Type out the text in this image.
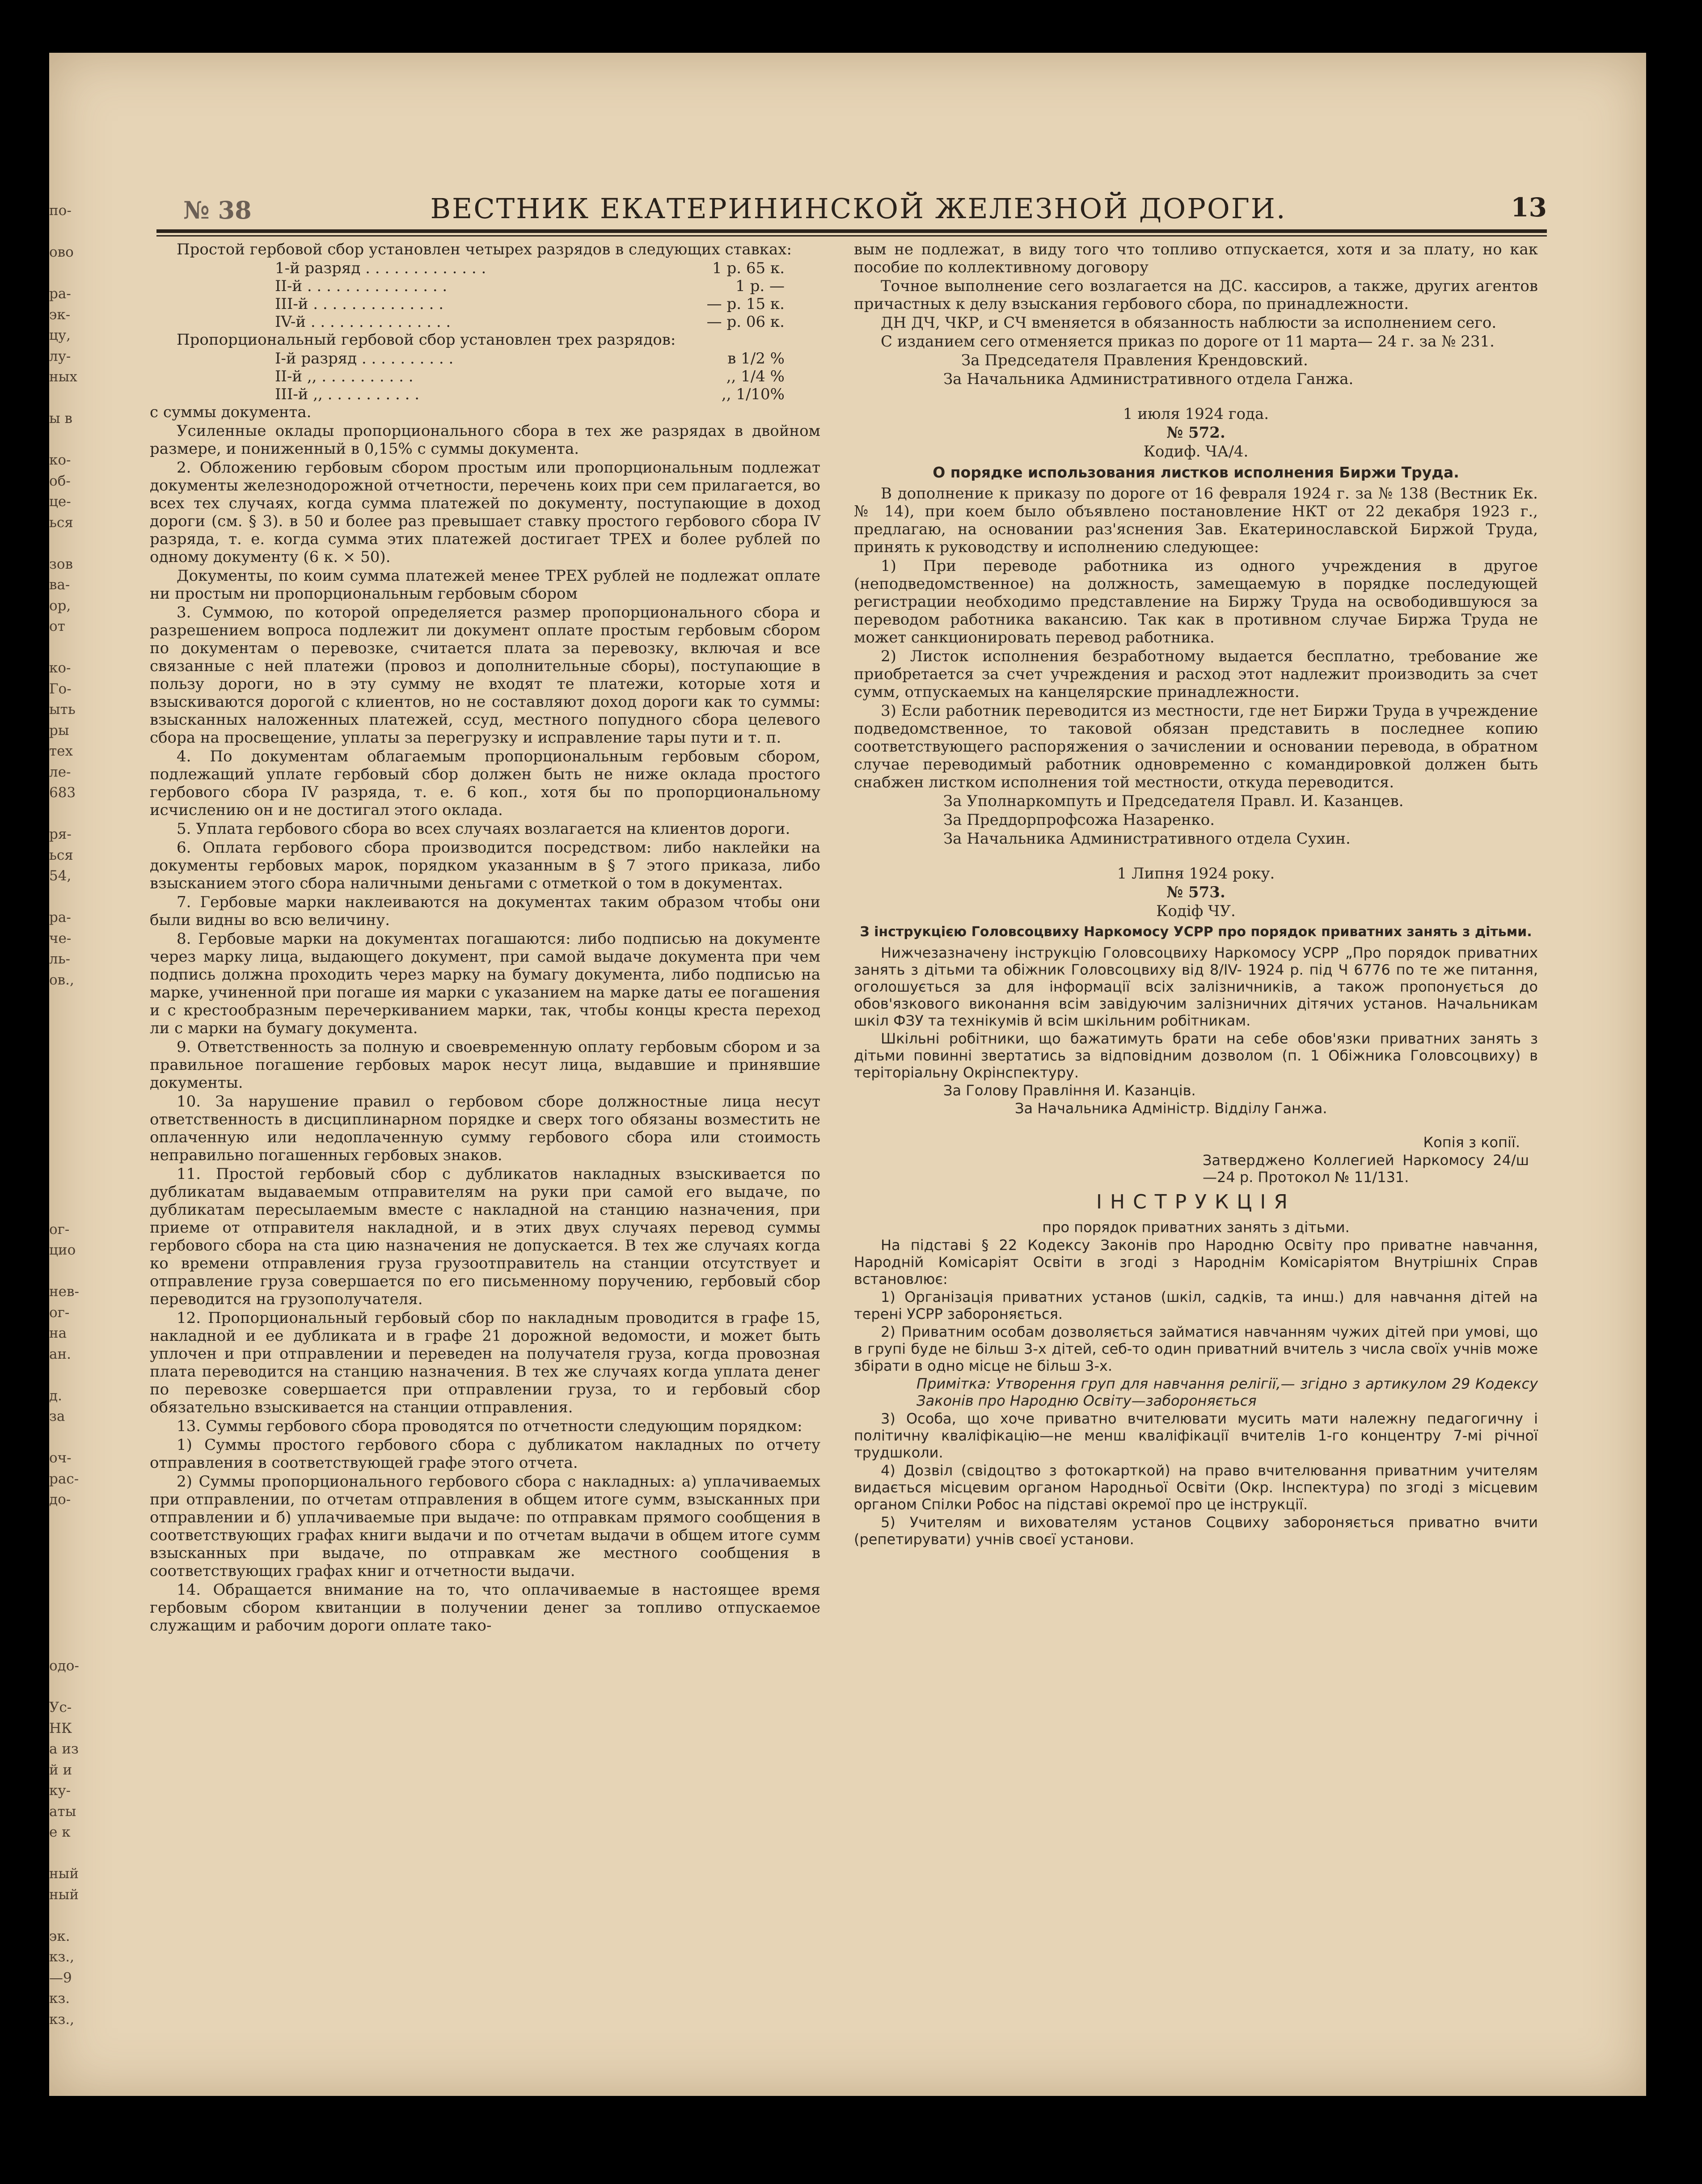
по-
ово
ра-
эк-
цу,
лу-
ных
ы в
ко-
об-
це-
ься
зов
ва-
ор,
от
ко-
Го-
ыть
ры
тех
ле-
683
ря-
ься
54,
ра-
че-
ль-
ов.,
ог-
цио
нев-
ог-
на
ан.
д.
за
оч-
рас-
до-
одо-
Ус-
НК
а из
й и
ку-
аты
е к
ный
ный
эк.
кз.,
—9
кз.
кз.,
№ 38	ВЕСТНИК ЕКАТЕРИНИНСКОЙ ЖЕЛЕЗНОЙ ДОРОГИ.	13

Простой гербовой сбор установлен четырех разрядов в следующих ставках:

1-й разряд . . . . . . . . . . . . .	1 р. 65 к.
II-й . . . . . . . . . . . . . . .	1 р. —
III-й . . . . . . . . . . . . . .	— р. 15 к.
IV-й . . . . . . . . . . . . . . .	— р. 06 к.

Пропорциональный гербовой сбор установлен трех разрядов:

I-й разряд . . . . . . . . . .	в 1/2 %
II-й ,, . . . . . . . . . .	,, 1/4 %
III-й ,, . . . . . . . . . .	,, 1/10%

с суммы документа.

Усиленные оклады пропорционального сбора в тех же разрядах в двойном размере, и пониженный в 0,15% с суммы документа.

2. Обложению гербовым сбором простым или пропорциональным подлежат документы железнодорожной отчетности, перечень коих при сем прилагается, во всех тех случаях, когда сумма платежей по документу, поступающие в доход дороги (см. § 3). в 50 и более раз превышает ставку простого гербового сбора IV разряда, т. е. когда сумма этих платежей достигает ТРЕХ и более рублей по одному документу (6 к. × 50).

Документы, по коим сумма платежей менее ТРЕХ рублей не подлежат оплате ни простым ни пропорциональным гербовым сбором

3. Суммою, по которой определяется размер пропорционального сбора и разрешением вопроса подлежит ли документ оплате простым гербовым сбором по документам о перевозке, считается плата за перевозку, включая и все связанные с ней платежи (провоз и дополнительные сборы), поступающие в пользу дороги, но в эту сумму не входят те платежи, которые хотя и взыскиваются дорогой с клиентов, но не составляют доход дороги как то суммы: взысканных наложенных платежей, ссуд, местного попудного сбора целевого сбора на просвещение, уплаты за перегрузку и исправление тары пути и т. п.

4. По документам облагаемым пропорциональным гербовым сбором, подлежащий уплате гербовый сбор должен быть не ниже оклада простого гербового сбора IV разряда, т. е. 6 коп., хотя бы по пропорциональному исчислению он и не достигал этого оклада.

5. Уплата гербового сбора во всех случаях возлагается на клиентов дороги.

6. Оплата гербового сбора производится посредством: либо наклейки на документы гербовых марок, порядком указанным в § 7 этого приказа, либо взысканием этого сбора наличными деньгами с отметкой о том в документах.

7. Гербовые марки наклеиваются на документах таким образом чтобы они были видны во всю величину.

8. Гербовые марки на документах погашаются: либо подписью на документе через марку лица, выдающего документ, при самой выдаче документа при чем подпись должна проходить через марку на бумагу документа, либо подписью на марке, учиненной при погаше ия марки с указанием на марке даты ее погашения и с крестообразным перечеркиванием марки, так, чтобы концы креста переход ли с марки на бумагу документа.

9. Ответственность за полную и своевременную оплату гербовым сбором и за правильное погашение гербовых марок несут лица, выдавшие и принявшие документы.

10. За нарушение правил о гербовом сборе должностные лица несут ответственность в дисциплинарном порядке и сверх того обязаны возместить не оплаченную или недоплаченную сумму гербового сбора или стоимость неправильно погашенных гербовых знаков.

11. Простой гербовый сбор с дубликатов накладных взыскивается по дубликатам выдаваемым отправителям на руки при самой его выдаче, по дубликатам пересылаемым вместе с накладной на станцию назначения, при приеме от отправителя накладной, и в этих двух случаях перевод суммы гербового сбора на ста цию назначения не допускается. В тех же случаях когда ко времени отправления груза грузоотправитель на станции отсутствует и отправление груза совершается по его письменному поручению, гербовый сбор переводится на грузополучателя.

12. Пропорциональный гербовый сбор по накладным проводится в графе 15, накладной и ее дубликата и в графе 21 дорожной ведомости, и может быть уплочен и при отправлении и переведен на получателя груза, когда провозная плата переводится на станцию назначения. В тех же случаях когда уплата денег по перевозке совершается при отправлении груза, то и гербовый сбор обязательно взыскивается на станции отправления.

13. Суммы гербового сбора проводятся по отчетности следующим порядком:

1) Суммы простого гербового сбора с дубликатом накладных по отчету отправления в соответствующей графе этого отчета.

2) Суммы пропорционального гербового сбора с накладных: а) уплачиваемых при отправлении, по отчетам отправления в общем итоге сумм, взысканных при отправлении и б) уплачиваемые при выдаче: по отправкам прямого сообщения в соответствующих графах книги выдачи и по отчетам выдачи в общем итоге сумм взысканных при выдаче, по отправкам же местного сообщения в соответствующих графах книг и отчетности выдачи.

14. Обращается внимание на то, что оплачиваемые в настоящее время гербовым сбором квитанции в получении денег за топливо отпускаемое служащим и рабочим дороги оплате тако-

вым не подлежат, в виду того что топливо отпускается, хотя и за плату, но как пособие по коллективному договору

Точное выполнение сего возлагается на ДС. кассиров, а также, других агентов причастных к делу взыскания гербового сбора, по принадлежности.

ДН ДЧ, ЧКР, и СЧ вменяется в обязанность наблюсти за исполнением сего.

С изданием сего отменяется приказ по дороге от 11 марта— 24 г. за № 231.

За Председателя Правления Крендовский.

За Начальника Административного отдела Ганжа.

1 июля 1924 года.

№ 572.

Кодиф. ЧА/4.

О порядке использования листков исполнения Биржи Труда.

В дополнение к приказу по дороге от 16 февраля 1924 г. за № 138 (Вестник Ек. № 14), при коем было объявлено постановление НКТ от 22 декабря 1923 г., предлагаю, на основании раз'яснения Зав. Екатеринославской Биржой Труда, принять к руководству и исполнению следующее:

1) При переводе работника из одного учреждения в другое (неподведомственное) на должность, замещаемую в порядке последующей регистрации необходимо представление на Биржу Труда на освободившуюся за переводом работника вакансию. Так как в противном случае Биржа Труда не может санкционировать перевод работника.

2) Листок исполнения безработному выдается бесплатно, требование же приобретается за счет учреждения и расход этот надлежит производить за счет сумм, отпускаемых на канцелярские принадлежности.

3) Если работник переводится из местности, где нет Биржи Труда в учреждение подведомственное, то таковой обязан представить в последнее копию соответствующего распоряжения о зачислении и основании перевода, в обратном случае переводимый работник одновременно с командировкой должен быть снабжен листком исполнения той местности, откуда переводится.

За Уполнаркомпуть и Председателя Правл. И. Казанцев.

За Преддорпрофсожа Назаренко.

За Начальника Административного отдела Сухин.

1 Липня 1924 року.

№ 573.

Кодіф ЧУ.

З інструкцією Головсоцвиху Наркомосу УСРР про порядок приватних занять з дітьми.

Нижчезазначену інструкцію Головсоцвиху Наркомосу УСРР „Про порядок приватних занять з дітьми та обіжник Головсоцвиху від 8/IV- 1924 р. під Ч 6776 по те же питання, оголошується за для інформації всіх залізничників, а також пропонується до обов'язкового виконання всім завідуючим залізничних дітячих установ. Начальникам шкіл ФЗУ та технікумів й всім шкільним робітникам.

Шкільні робітники, що бажатимуть брати на себе обов'язки приватних занять з дітьми повинні звертатись за відповідним дозволом (п. 1 Обіжника Головсоцвиху) в теріторіальну Окрінспектуру.

За Голову Правління И. Казанців.

За Начальника Адміністр. Відділу Ганжа.

Копія з копії.

Затверджено Коллегией Наркомосу 24/ш—24 р. Протокол № 11/131.

ІНСТРУКЦІЯ

про порядок приватних занять з дітьми.

На підставі § 22 Кодексу Законів про Народню Освіту про приватне навчання, Народній Комісаріят Освіти в згоді з Народнім Комісаріятом Внутрішніх Справ встановлює:

1) Організація приватних установ (шкіл, садків, та инш.) для навчання дітей на терені УСРР забороняється.

2) Приватним особам дозволяється займатися навчанням чужих дітей при умові, що в групі буде не більш 3-х дітей, себ-то один приватний вчитель з числа своїх учнів може збірати в одно місце не більш 3-х.

Примітка: Утворення груп для навчання релігії,— згідно з артикулом 29 Кодексу Законів про Народню Освіту—забороняється

3) Особа, що хоче приватно вчителювати мусить мати належну педагогичну і політичну кваліфікацію—не менш кваліфікації вчителів 1-го концентру 7-мі річної трудшколи.

4) Дозвіл (свідоцтво з фотокарткой) на право вчителювання приватним учителям видається місцевим органом Народньої Освіти (Окр. Інспектура) по згоді з місцевим органом Спілки Робос на підставі окремої про це інструкції.

5) Учителям и вихователям установ Соцвиху забороняється приватно вчити (репетирувати) учнів своєї установи.
